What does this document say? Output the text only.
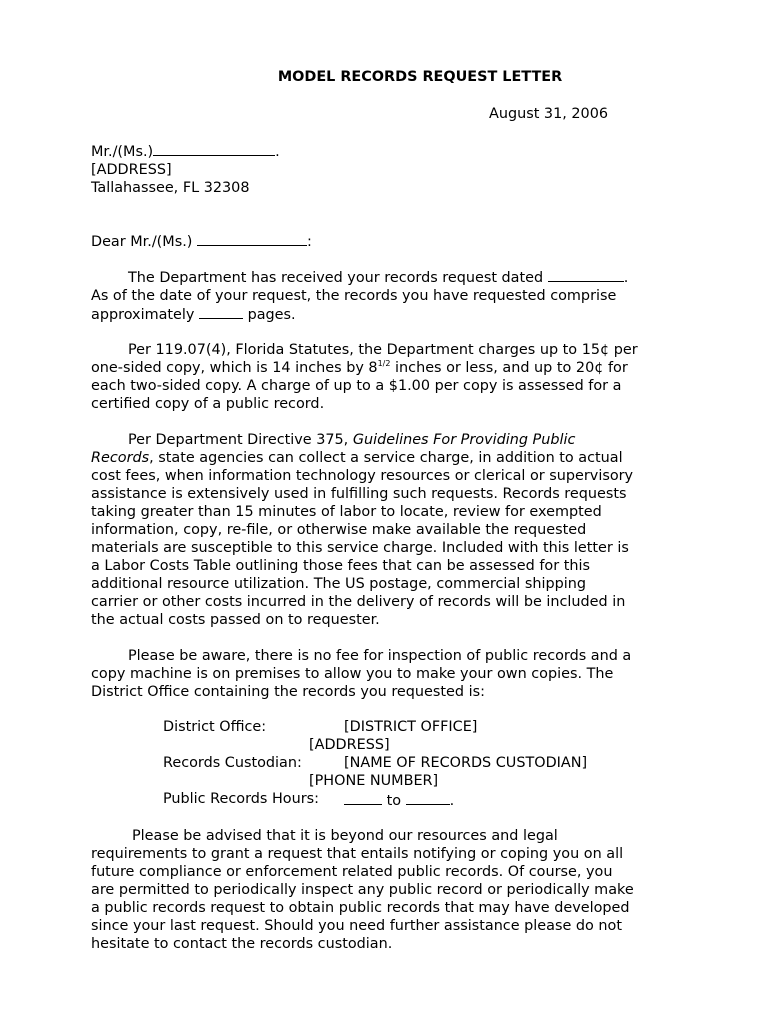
MODEL RECORDS REQUEST LETTER
August 31, 2006
Mr./(Ms.)	.
[ADDRESS]
Tallahassee, FL 32308
Dear Mr./(Ms.)	:
The Department has received your records request dated	.
As of the date of your request, the records you have requested comprise
approximately	pages.
Per 119.07(4), Florida Statutes, the Department charges up to 15¢ per
one-sided copy, which is 14 inches by $8^{1/2}$ inches or less, and up to 20¢ for
each two-sided copy. A charge of up to a $1.00 per copy is assessed for a
certified copy of a public record.
Per Department Directive 375, Guidelines For Providing Public
Records, state agencies can collect a service charge, in addition to actual
cost fees, when information technology resources or clerical or supervisory
assistance is extensively used in fulfilling such requests. Records requests
taking greater than 15 minutes of labor to locate, review for exempted
information, copy, re-file, or otherwise make available the requested
materials are susceptible to this service charge. Included with this letter is
a Labor Costs Table outlining those fees that can be assessed for this
additional resource utilization. The US postage, commercial shipping
carrier or other costs incurred in the delivery of records will be included in
the actual costs passed on to requester.
Please be aware, there is no fee for inspection of public records and a
copy machine is on premises to allow you to make your own copies. The
District Office containing the records you requested is:
District Office:	[DISTRICT OFFICE]
[ADDRESS]
Records Custodian:	[NAME OF RECORDS CUSTODIAN]
[PHONE NUMBER]
Public Records Hours:	to	.
Please be advised that it is beyond our resources and legal
requirements to grant a request that entails notifying or coping you on all
future compliance or enforcement related public records. Of course, you
are permitted to periodically inspect any public record or periodically make
a public records request to obtain public records that may have developed
since your last request. Should you need further assistance please do not
hesitate to contact the records custodian.
